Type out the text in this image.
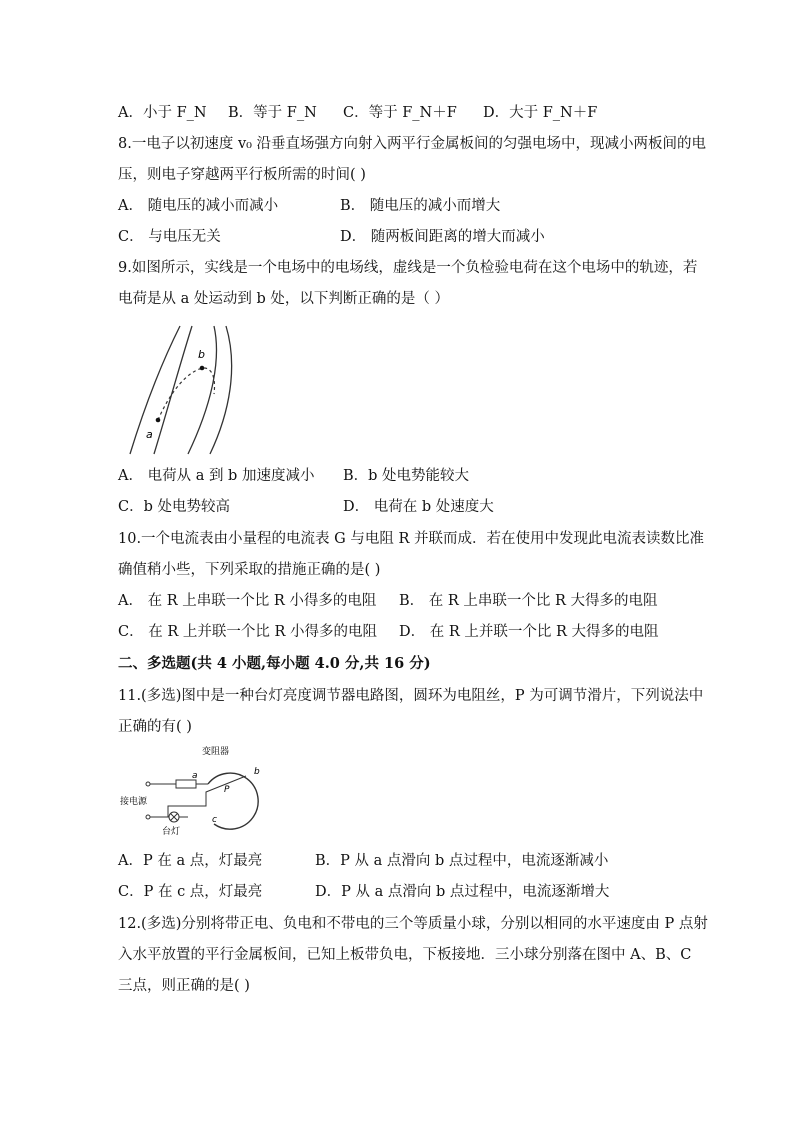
A．小于 F_N B．等于 F_N C．等于 F_N＋F D．大于 F_N＋F
8.一电子以初速度 v₀ 沿垂直场强方向射入两平行金属板间的匀强电场中，现减小两板间的电
压，则电子穿越两平行板所需的时间( )
A． 随电压的减小而减小	B． 随电压的减小而增大
C． 与电压无关	D． 随两板间距离的增大而减小
9.如图所示，实线是一个电场中的电场线，虚线是一个负检验电荷在这个电场中的轨迹，若
电荷是从 a 处运动到 b 处，以下判断正确的是（ ）
a
b
A． 电荷从 a 到 b 加速度减小 B．b 处电势能较大
C．b 处电势较高	D． 电荷在 b 处速度大
10.一个电流表由小量程的电流表 G 与电阻 R 并联而成．若在使用中发现此电流表读数比准
确值稍小些，下列采取的措施正确的是( )
A． 在 R 上串联一个比 R 小得多的电阻 B． 在 R 上串联一个比 R 大得多的电阻
C． 在 R 上并联一个比 R 小得多的电阻 D． 在 R 上并联一个比 R 大得多的电阻
二、多选题(共 4 小题,每小题 4.0 分,共 16 分)
11.(多选)图中是一种台灯亮度调节器电路图，圆环为电阻丝，P 为可调节滑片，下列说法中
正确的有( )
变阻器
接电源
台灯
a	b
c
P
A．P 在 a 点，灯最亮	B．P 从 a 点滑向 b 点过程中，电流逐渐减小
C．P 在 c 点，灯最亮	D．P 从 a 点滑向 b 点过程中，电流逐渐增大
12.(多选)分别将带正电、负电和不带电的三个等质量小球，分别以相同的水平速度由 P 点射
入水平放置的平行金属板间，已知上板带负电，下板接地．三小球分别落在图中 A、B、C
三点，则正确的是( )
